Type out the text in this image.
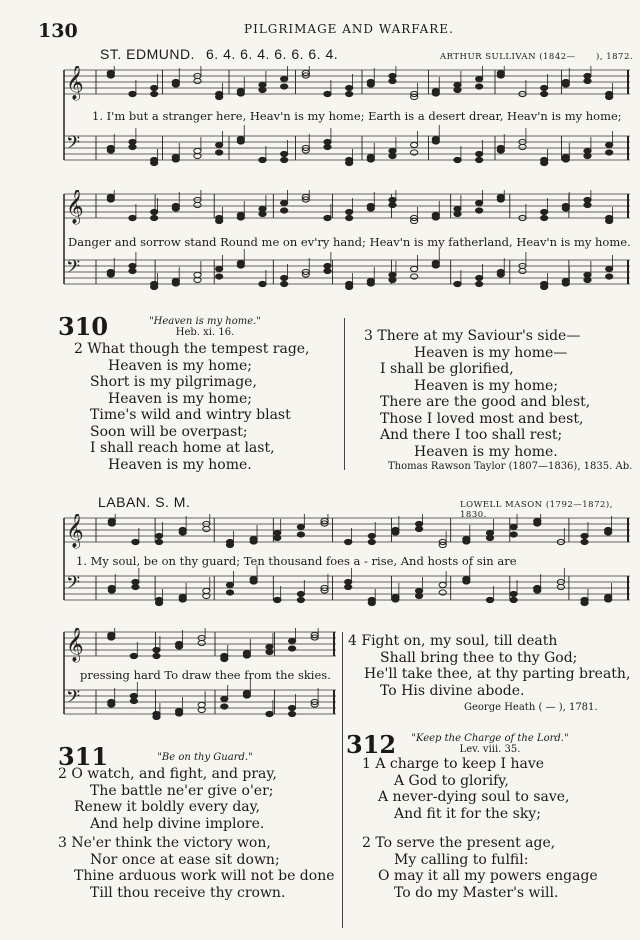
130	PILGRIMAGE AND WARFARE.
ST. EDMUND. 6. 4. 6. 4. 6. 6. 6. 4.	ARTHUR SULLIVAN (1842— ), 1872.
𝄞
𝄢
1. I'm but a stranger here, Heav'n is my home; Earth is a desert drear, Heav'n is my home;
𝄞
𝄢
Danger and sorrow stand Round me on ev'ry hand; Heav'n is my fatherland, Heav'n is my home.
310	"Heaven is my home."
Heb. xi. 16.
2 What though the tempest rage,
Heaven is my home;
Short is my pilgrimage,
Heaven is my home;
Time's wild and wintry blast
Soon will be overpast;
I shall reach home at last,
Heaven is my home.
3 There at my Saviour's side—
Heaven is my home—
I shall be glorified,
Heaven is my home;
There are the good and blest,
Those I loved most and best,
And there I too shall rest;
Heaven is my home.
Thomas Rawson Taylor (1807—1836), 1835. Ab.
LABAN. S. M.	LOWELL MASON (1792—1872), 1830.
𝄞
𝄢
1. My soul, be on thy guard; Ten thousand foes a - rise, And hosts of sin are
𝄞
𝄢
pressing hard To draw thee from the skies.
311	"Be on thy Guard."
2 O watch, and fight, and pray,
The battle ne'er give o'er;
Renew it boldly every day,
And help divine implore.
3 Ne'er think the victory won,
Nor once at ease sit down;
Thine arduous work will not be done
Till thou receive thy crown.
4 Fight on, my soul, till death
Shall bring thee to thy God;
He'll take thee, at thy parting breath,
To His divine abode.
George Heath ( — ), 1781.
312	"Keep the Charge of the Lord."
Lev. viii. 35.
1 A charge to keep I have
A God to glorify,
A never-dying soul to save,
And fit it for the sky;
2 To serve the present age,
My calling to fulfil:
O may it all my powers engage
To do my Master's will.
